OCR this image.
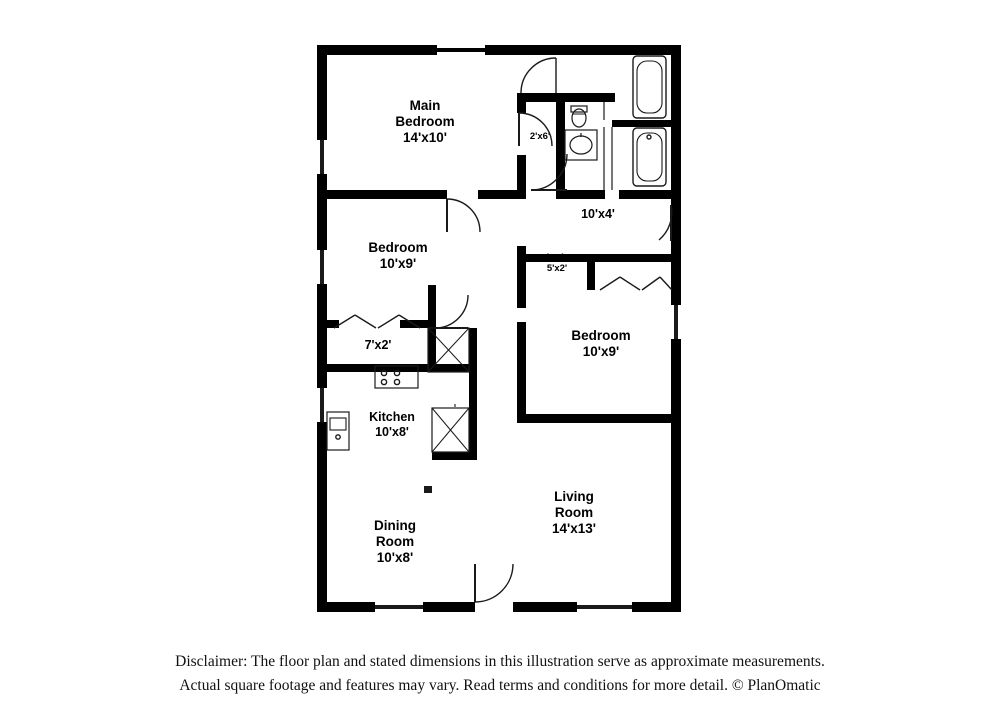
Main
Bedroom
14'x10'	2'x6'
10'x4'
Bedroom
10'x9'
7'x2'
Lndr
5'x2'
Bedroom
10'x9'
Kitchen
10'x8'
Dining
Room
10'x8'
Living
Room
14'x13'
Disclaimer: The floor plan and stated dimensions in this illustration serve as approximate measurements.
Actual square footage and features may vary. Read terms and conditions for more detail. © PlanOmatic
